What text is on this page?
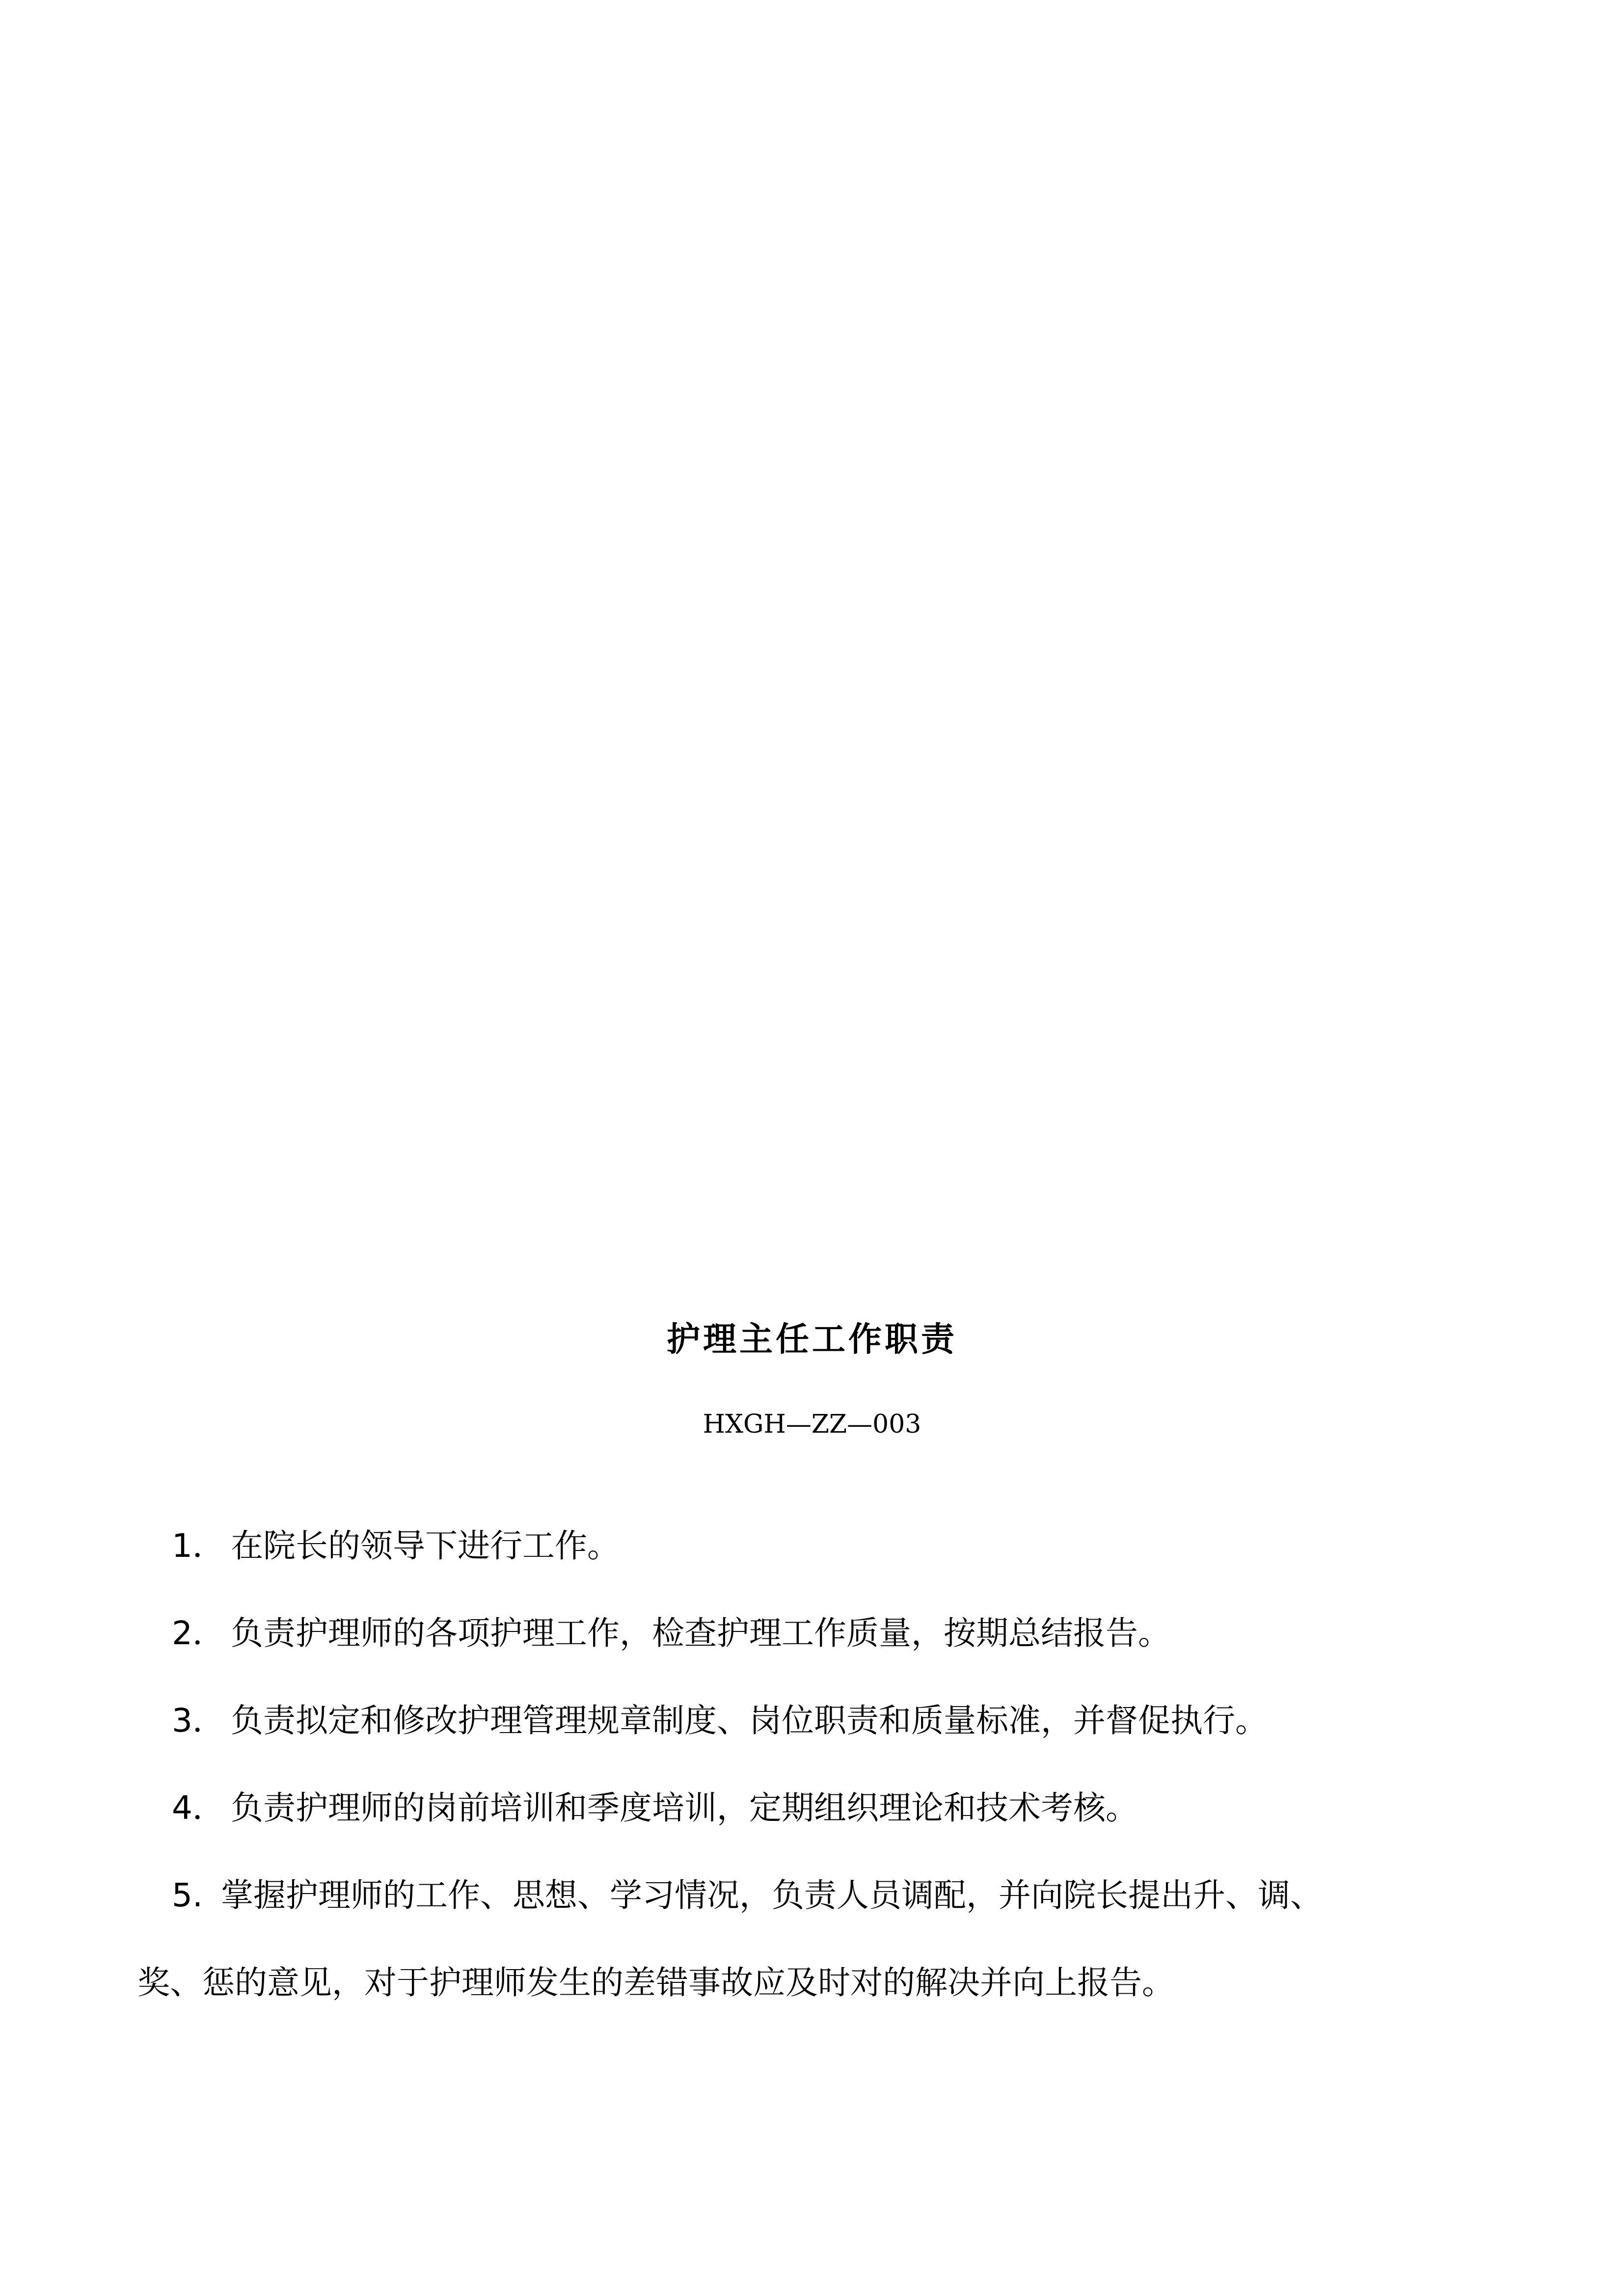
护理主任工作职责
HXGH—ZZ—003
1． 在院长的领导下进行工作。
2． 负责护理师的各项护理工作，检查护理工作质量，按期总结报告。
3． 负责拟定和修改护理管理规章制度、岗位职责和质量标准，并督促执行。
4． 负责护理师的岗前培训和季度培训，定期组织理论和技术考核。
5. 掌握护理师的工作、思想、学习情况，负责人员调配，并向院长提出升、调、
奖、惩的意见，对于护理师发生的差错事故应及时对的解决并向上报告。
